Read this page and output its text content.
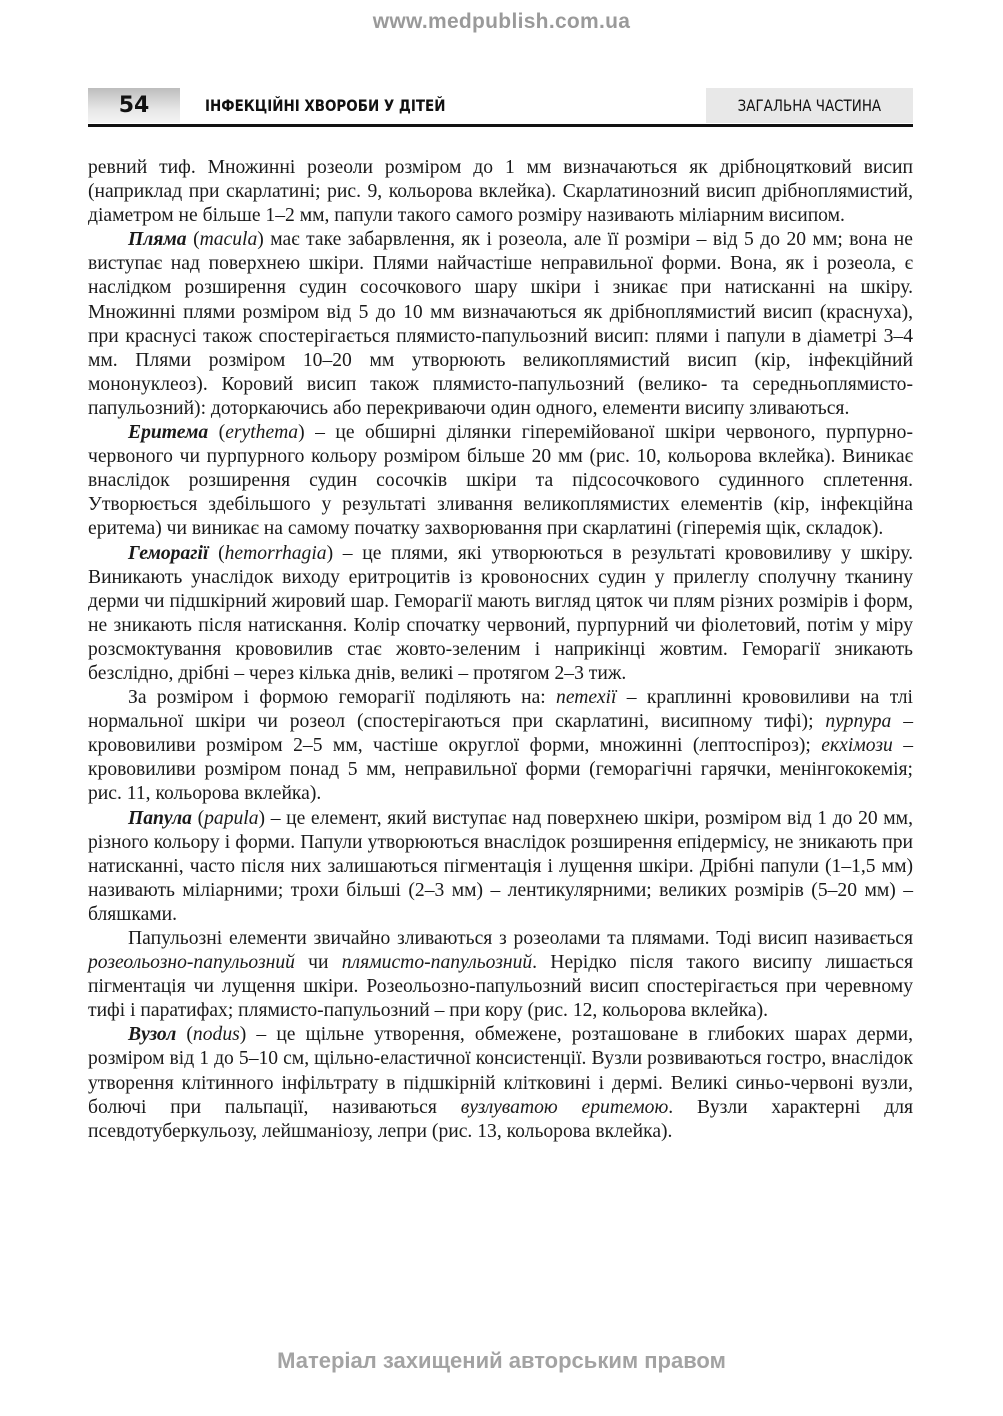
www.medpublish.com.ua
54	ІНФЕКЦІЙНІ ХВОРОБИ У ДІТЕЙ	ЗАГАЛЬНА ЧАСТИНА

ревний тиф. Множинні розеоли розміром до 1 мм визначаються як дрібноцятковий висип (наприклад при скарлатині; рис. 9, кольорова вклейка). Скарлатинозний висип дрібноплямистий, діаметром не більше 1–2 мм, папули такого самого розміру називають міліарним висипом.

Пляма (macula) має таке забарвлення, як і розеола, але її розміри – від 5 до 20 мм; вона не виступає над поверхнею шкіри. Плями найчастіше неправильної форми. Вона, як і розеола, є наслідком розширення судин сосочкового шару шкіри і зникає при натисканні на шкіру. Множинні плями розміром від 5 до 10 мм визначаються як дрібноплямистий висип (краснуха), при краснусі також спостерігається плямисто-папульозний висип: плями і папули в діаметрі 3–4 мм. Плями розміром 10–20 мм утворюють великоплямистий висип (кір, інфекційний мононуклеоз). Коровий висип також плямисто-папульозний (велико- та середньоплямисто-папульозний): доторкаючись або перекриваючи один одного, елементи висипу зливаються.

Еритема (erythema) – це обширні ділянки гіперемійованої шкіри червоного, пурпурно-червоного чи пурпурного кольору розміром більше 20 мм (рис. 10, кольорова вклейка). Виникає внаслідок розширення судин сосочків шкіри та підсосочкового судинного сплетення. Утворюється здебільшого у результаті зливання великоплямистих елементів (кір, інфекційна еритема) чи виникає на самому початку захворювання при скарлатині (гіперемія щік, складок).

Геморагії (hemorrhagia) – це плями, які утворюються в результаті крововиливу у шкіру. Виникають унаслідок виходу еритроцитів із кровоносних судин у прилеглу сполучну тканину дерми чи підшкірний жировий шар. Геморагії мають вигляд цяток чи плям різних розмірів і форм, не зникають після натискання. Колір спочатку червоний, пурпурний чи фіолетовий, потім у міру розсмоктування крововилив стає жовто-зеленим і наприкінці жовтим. Геморагії зникають безслідно, дрібні – через кілька днів, великі – протягом 2–3 тиж.

За розміром і формою геморагії поділяють на: петехії – краплинні крововиливи на тлі нормальної шкіри чи розеол (спостерігаються при скарлатині, висипному тифі); пурпура – крововиливи розміром 2–5 мм, частіше округлої форми, множинні (лептоспіроз); екхімози – крововиливи розміром понад 5 мм, неправильної форми (геморагічні гарячки, менінгококемія; рис. 11, кольорова вклейка).

Папула (papula) – це елемент, який виступає над поверхнею шкіри, розміром від 1 до 20 мм, різного кольору і форми. Папули утворюються внаслідок розширення епідермісу, не зникають при натисканні, часто після них залишаються пігментація і лущення шкіри. Дрібні папули (1–1,5 мм) називають міліарними; трохи більші (2–3 мм) – лентикулярними; великих розмірів (5–20 мм) – бляшками.

Папульозні елементи звичайно зливаються з розеолами та плямами. Тоді висип називається розеольозно-папульозний чи плямисто-папульозний. Нерідко після такого висипу лишається пігментація чи лущення шкіри. Розеольозно-папульозний висип спостерігається при черевному тифі і паратифах; плямисто-папульозний – при кору (рис. 12, кольорова вклейка).

Вузол (nodus) – це щільне утворення, обмежене, розташоване в глибоких шарах дерми, розміром від 1 до 5–10 см, щільно-еластичної консистенції. Вузли розвиваються гостро, внаслідок утворення клітинного інфільтрату в підшкірній клітковині і дермі. Великі синьо-червоні вузли, болючі при пальпації, називаються вузлуватою еритемою. Вузли характерні для псевдотуберкульозу, лейшманіозу, лепри (рис. 13, кольорова вклейка).

Матеріал захищений авторським правом
